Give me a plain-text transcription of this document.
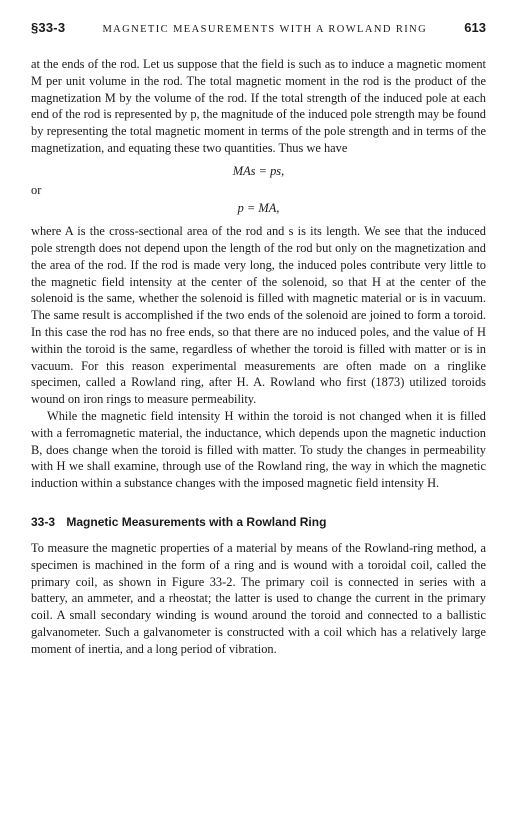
§33-3	MAGNETIC MEASUREMENTS WITH A ROWLAND RING	613

at the ends of the rod. Let us suppose that the field is such as to induce a magnetic moment M per unit volume in the rod. The total magnetic moment in the rod is the product of the magnetization M by the volume of the rod. If the total strength of the induced pole at each end of the rod is represented by p, the magnitude of the induced pole strength may be found by representing the total magnetic moment in terms of the pole strength and in terms of the magnetization, and equating these two quantities. Thus we have

MAs = ps,
or
p = MA,

where A is the cross-sectional area of the rod and s is its length. We see that the induced pole strength does not depend upon the length of the rod but only on the magnetization and the area of the rod. If the rod is made very long, the induced poles contribute very little to the magnetic field intensity at the center of the solenoid, so that H at the center of the solenoid is the same, whether the solenoid is filled with magnetic material or is in vacuum. The same result is accomplished if the two ends of the solenoid are joined to form a toroid. In this case the rod has no free ends, so that there are no induced poles, and the value of H within the toroid is the same, regardless of whether the toroid is filled with matter or is in vacuum. For this reason experimental measurements are often made on a ringlike specimen, called a Rowland ring, after H. A. Rowland who first (1873) utilized toroids wound on iron rings to measure permeability.

While the magnetic field intensity H within the toroid is not changed when it is filled with a ferromagnetic material, the inductance, which depends upon the magnetic induction B, does change when the toroid is filled with matter. To study the changes in permeability with H we shall examine, through use of the Rowland ring, the way in which the magnetic induction within a substance changes with the imposed magnetic field intensity H.

33-3 Magnetic Measurements with a Rowland Ring

To measure the magnetic properties of a material by means of the Rowland-ring method, a specimen is machined in the form of a ring and is wound with a toroidal coil, called the primary coil, as shown in Figure 33-2. The primary coil is connected in series with a battery, an ammeter, and a rheostat; the latter is used to change the current in the primary coil. A small secondary winding is wound around the toroid and connected to a ballistic galvanometer. Such a galvanometer is constructed with a coil which has a relatively large moment of inertia, and a long period of vibration.
